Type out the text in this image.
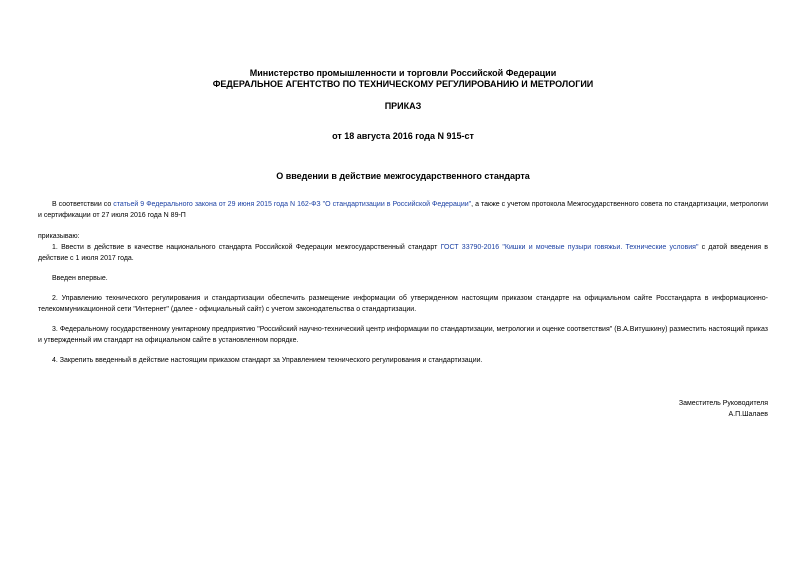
Министерство промышленности и торговли Российской Федерации
ФЕДЕРАЛЬНОЕ АГЕНТСТВО ПО ТЕХНИЧЕСКОМУ РЕГУЛИРОВАНИЮ И МЕТРОЛОГИИ
ПРИКАЗ
от 18 августа 2016 года N 915-ст
О введении в действие межгосударственного стандарта
В соответствии со статьей 9 Федерального закона от 29 июня 2015 года N 162-ФЗ "О стандартизации в Российской Федерации", а также с учетом протокола Межгосударственного совета по стандартизации, метрологии и сертификации от 27 июля 2016 года N 89-П
приказываю:
1. Ввести в действие в качестве национального стандарта Российской Федерации межгосударственный стандарт ГОСТ 33790-2016 "Кишки и мочевые пузыри говяжьи. Технические условия" с датой введения в действие с 1 июля 2017 года.
Введен впервые.
2. Управлению технического регулирования и стандартизации обеспечить размещение информации об утвержденном настоящим приказом стандарте на официальном сайте Росстандарта в информационно-телекоммуникационной сети "Интернет" (далее - официальный сайт) с учетом законодательства о стандартизации.
3. Федеральному государственному унитарному предприятию "Российский научно-технический центр информации по стандартизации, метрологии и оценке соответствия" (В.А.Витушкину) разместить настоящий приказ и утвержденный им стандарт на официальном сайте в установленном порядке.
4. Закрепить введенный в действие настоящим приказом стандарт за Управлением технического регулирования и стандартизации.
Заместитель Руководителя
А.П.Шалаев
